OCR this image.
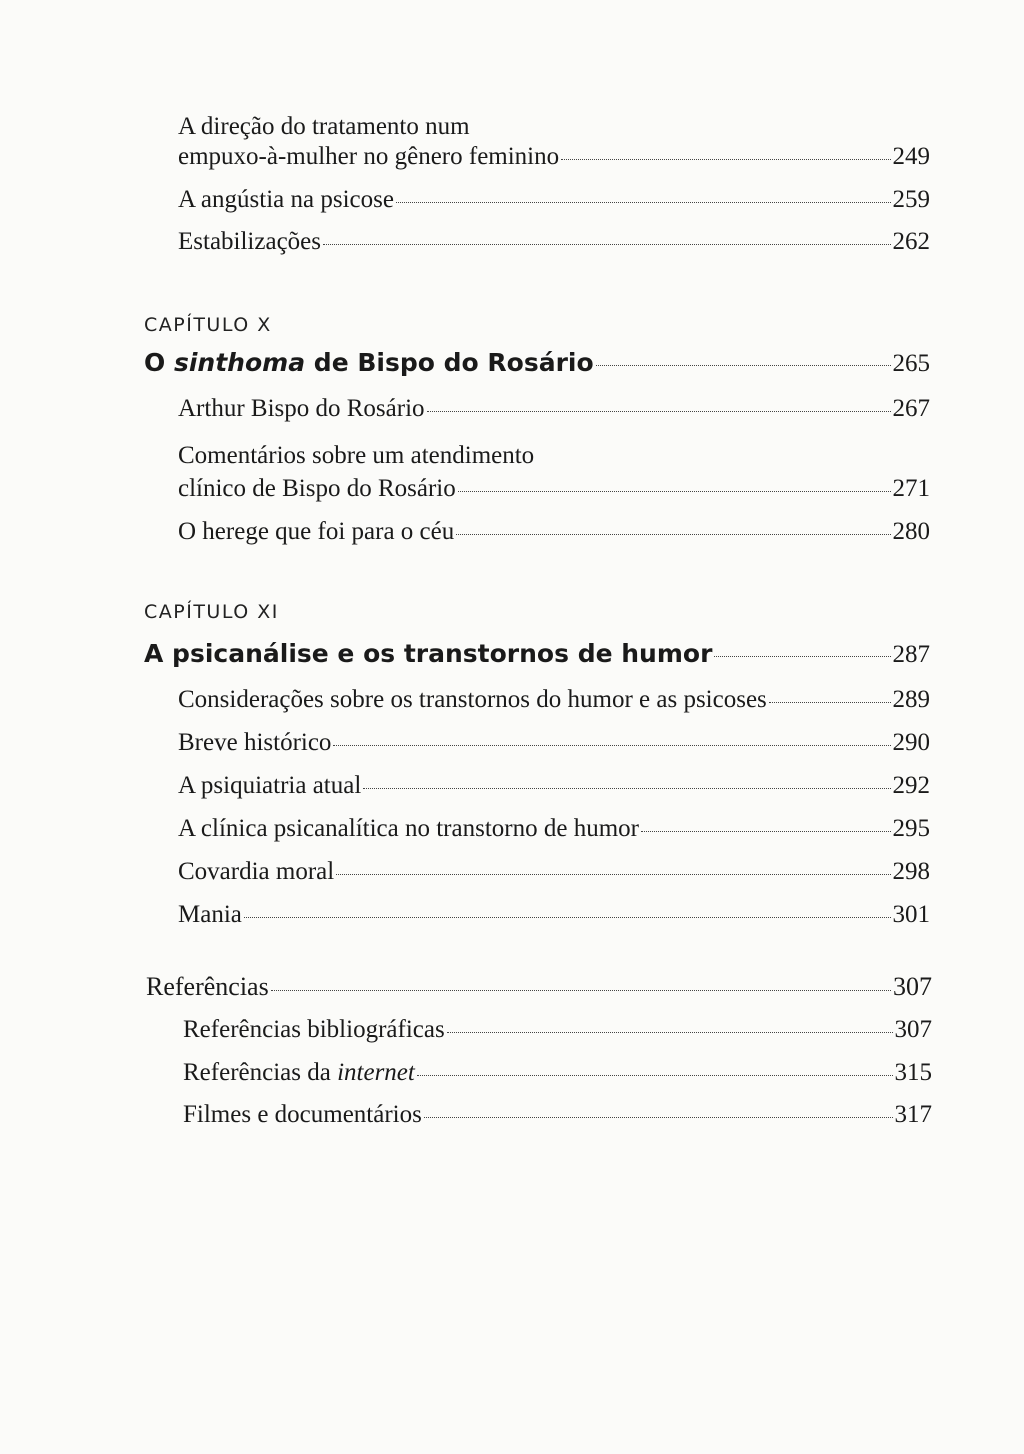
A direção do tratamento num
empuxo-à-mulher no gênero feminino	249
A angústia na psicose	259
Estabilizações	262
CAPÍTULO X
O sinthoma de Bispo do Rosário	265
Arthur Bispo do Rosário	267
Comentários sobre um atendimento
clínico de Bispo do Rosário	271
O herege que foi para o céu	280
CAPÍTULO XI
A psicanálise e os transtornos de humor	287
Considerações sobre os transtornos do humor e as psicoses	289
Breve histórico	290
A psiquiatria atual	292
A clínica psicanalítica no transtorno de humor	295
Covardia moral	298
Mania	301
Referências	307
Referências bibliográficas	307
Referências da internet	315
Filmes e documentários	317
